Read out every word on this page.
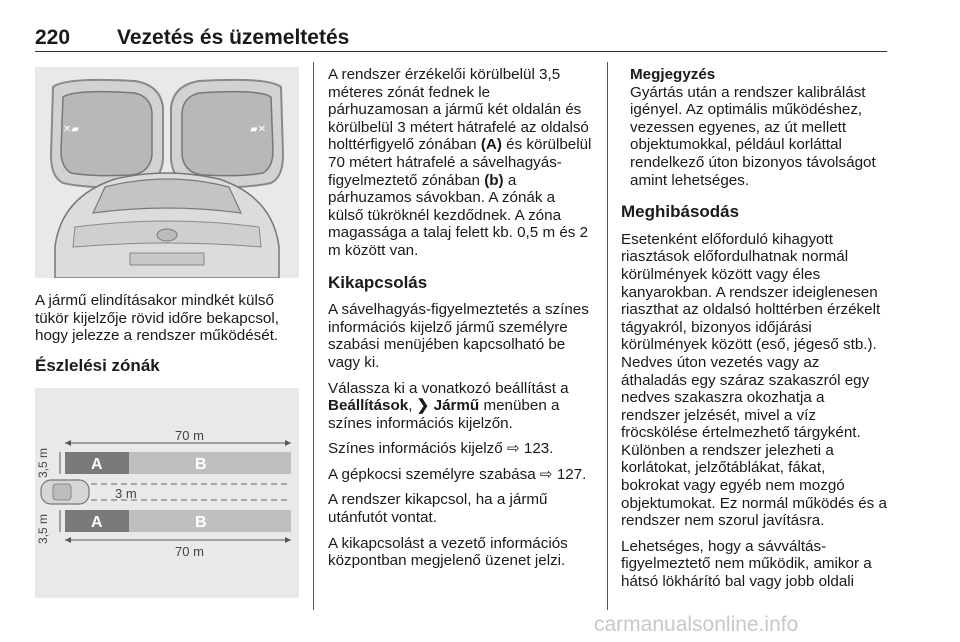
220 Vezetés és üzemeltetés
✕▰	▰✕

A jármű elindításakor mindkét külső tükör kijelzője rövid időre bekapcsol, hogy jelezze a rendszer működését.

Észlelési zónák
70 m
A	B
3,5 m
3 m
A	B
3,5 m
70 m

A rendszer érzékelői körülbelül 3,5 méteres zónát fednek le párhuzamosan a jármű két oldalán és körülbelül 3 métert hátrafelé az oldalsó holttérfigyelő zónában (A) és körülbelül 70 métert hátrafelé a sávelhagyás-figyelmeztető zónában (b) a párhuzamos sávokban. A zónák a külső tükröknél kezdődnek. A zóna magassága a talaj felett kb. 0,5 m és 2 m között van.

Kikapcsolás

A sávelhagyás-figyelmeztetés a színes információs kijelző jármű személyre szabási menüjében kapcsolható be vagy ki.

Válassza ki a vonatkozó beállítást a Beállítások, ❯ Jármű menüben a színes információs kijelzőn.

Színes információs kijelző ⇨ 123.

A gépkocsi személyre szabása ⇨ 127.

A rendszer kikapcsol, ha a jármű utánfutót vontat.

A kikapcsolást a vezető információs központban megjelenő üzenet jelzi.

Megjegyzés
Gyártás után a rendszer kalibrálást igényel. Az optimális működéshez, vezessen egyenes, az út mellett objektumokkal, például korláttal rendelkező úton bizonyos távolságot amint lehetséges.
Meghibásodás

Esetenként előforduló kihagyott riasztások előfordulhatnak normál körülmények között vagy éles kanyarokban. A rendszer ideiglenesen riaszthat az oldalsó holttérben érzékelt tágyakról, bizonyos időjárási körülmények között (eső, jégeső stb.). Nedves úton vezetés vagy az áthaladás egy száraz szakaszról egy nedves szakaszra okozhatja a rendszer jelzését, mivel a víz fröcskölése értelmezhető tárgyként. Különben a rendszer jelezheti a korlátokat, jelzőtáblákat, fákat, bokrokat vagy egyéb nem mozgó objektumokat. Ez normál működés és a rendszer nem szorul javításra.

Lehetséges, hogy a sávváltás-figyelmeztető nem működik, amikor a hátsó lökhárító bal vagy jobb oldali

carmanualsonline.info
